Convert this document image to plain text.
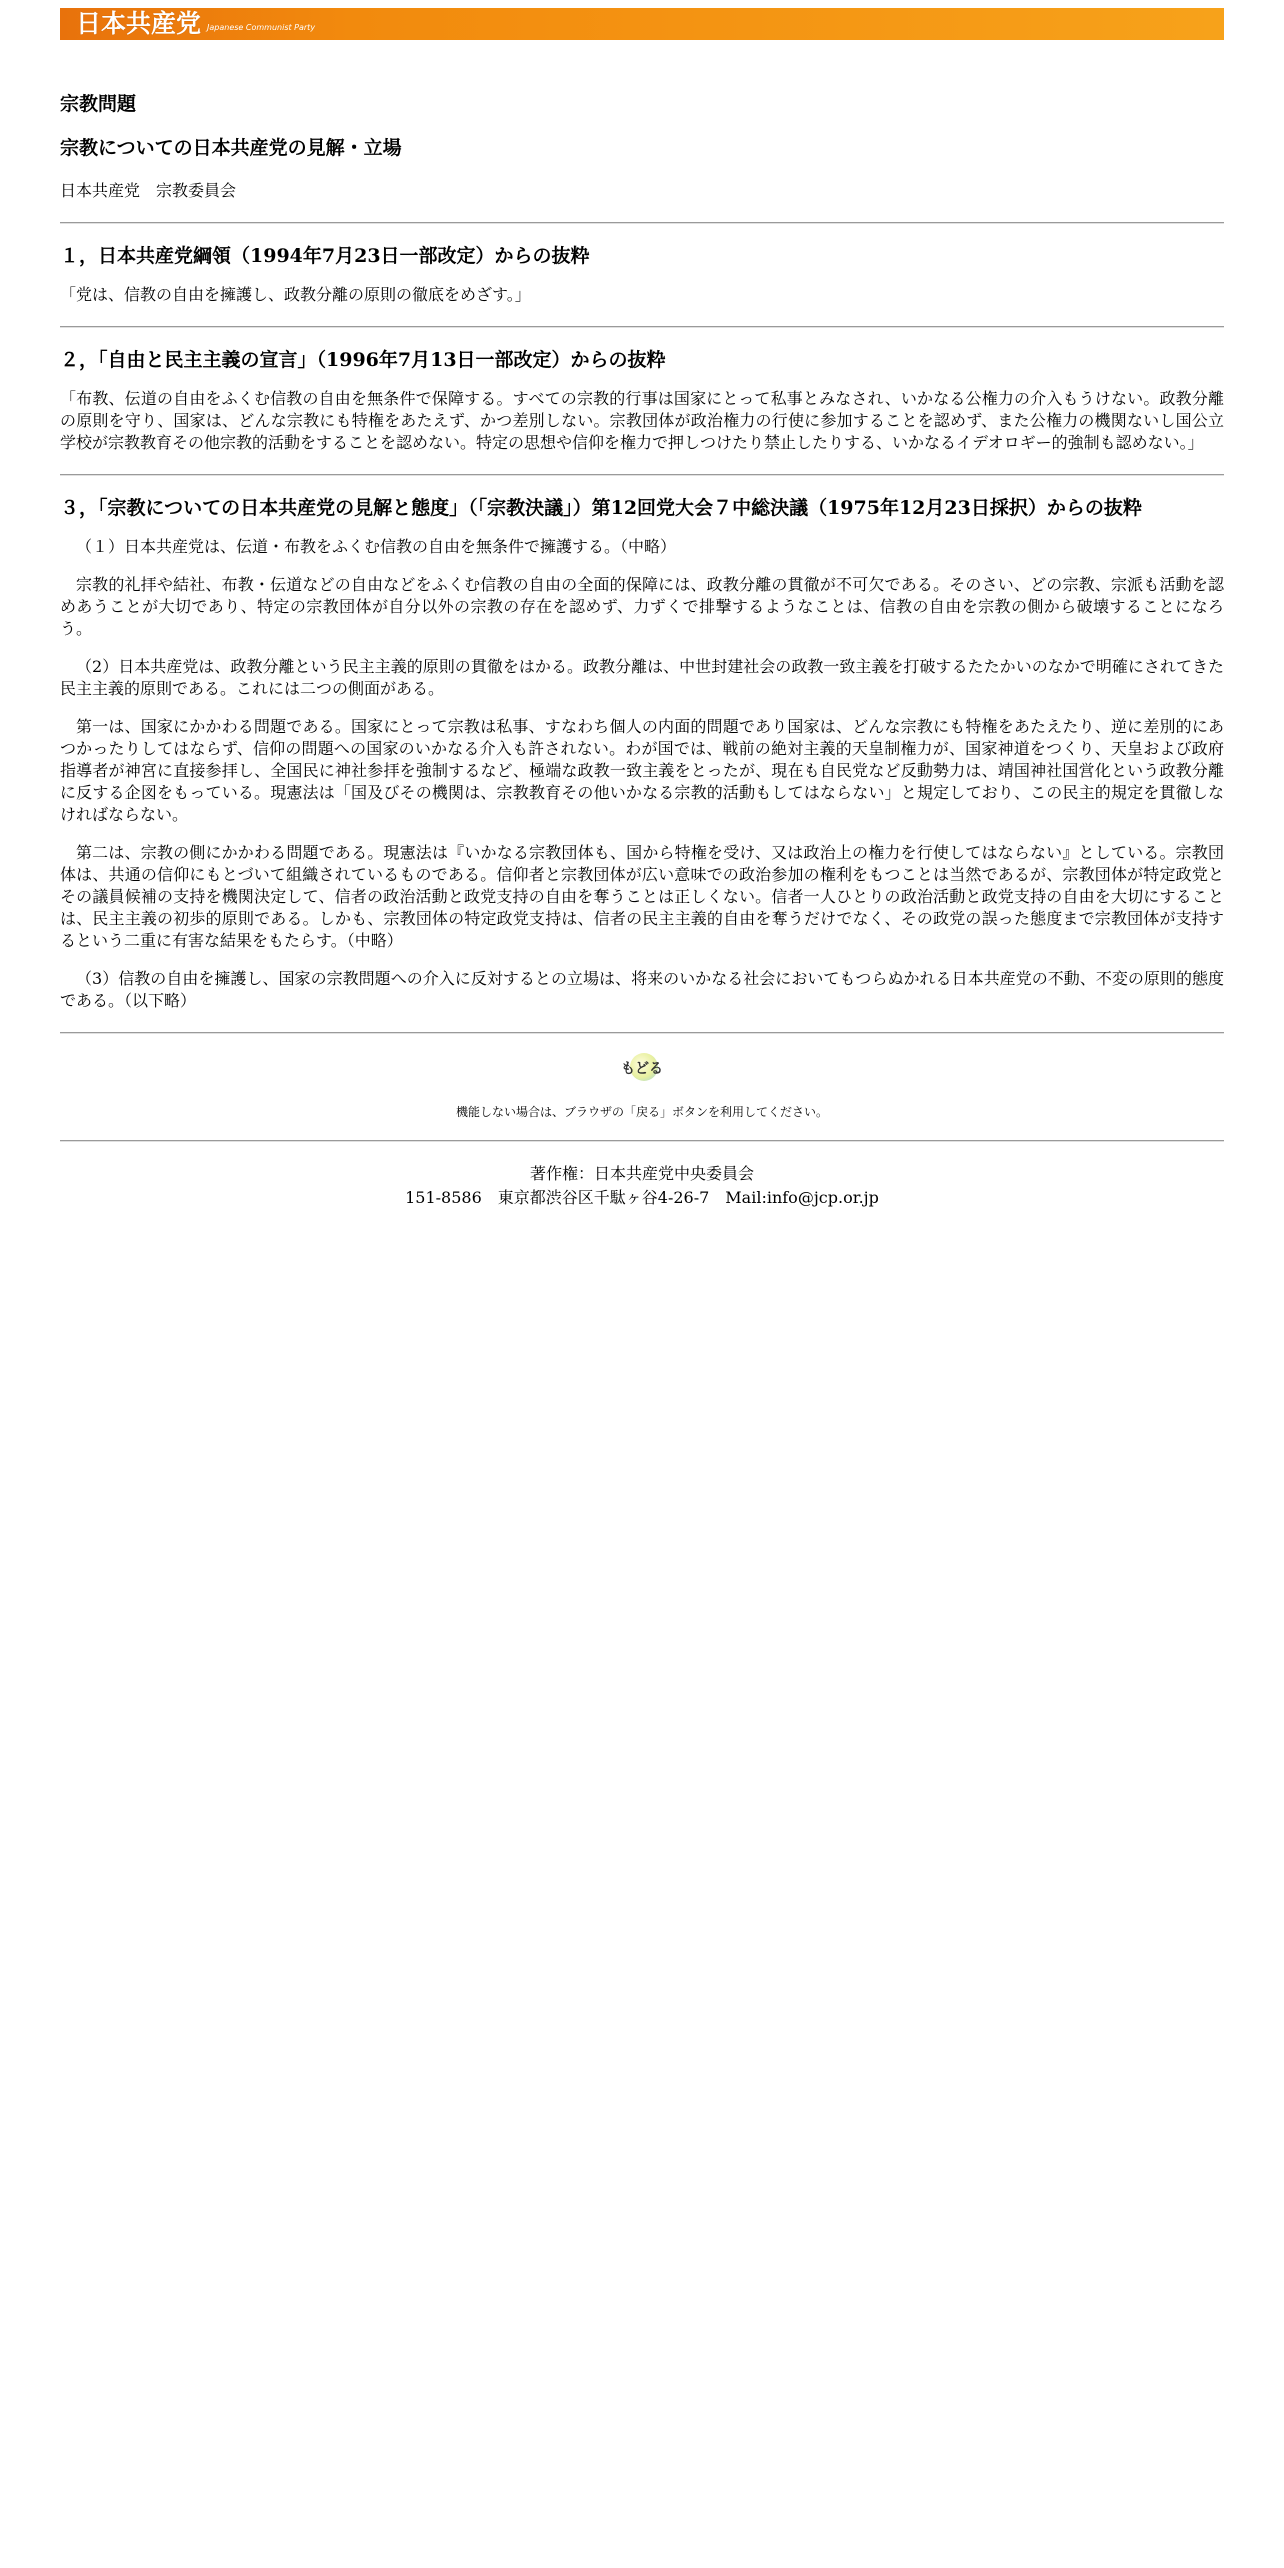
日本共産党 Japanese Communist Party
宗教問題
宗教についての日本共産党の見解・立場

日本共産党　宗教委員会

１，日本共産党綱領（1994年7月23日一部改定）からの抜粋

「党は、信教の自由を擁護し、政教分離の原則の徹底をめざす。」

２，「自由と民主主義の宣言」（1996年7月13日一部改定）からの抜粋

「布教、伝道の自由をふくむ信教の自由を無条件で保障する。すべての宗教的行事は国家にとって私事とみなされ、いかなる公権力の介入もうけない。政教分離の原則を守り、国家は、どんな宗教にも特権をあたえず、かつ差別しない。宗教団体が政治権力の行使に参加することを認めず、また公権力の機関ないし国公立学校が宗教教育その他宗教的活動をすることを認めない。特定の思想や信仰を権力で押しつけたり禁止したりする、いかなるイデオロギー的強制も認めない。」

３，「宗教についての日本共産党の見解と態度」（「宗教決議」）第12回党大会７中総決議（1975年12月23日採択）からの抜粋

（１）日本共産党は、伝道・布教をふくむ信教の自由を無条件で擁護する。（中略）

宗教的礼拝や結社、布教・伝道などの自由などをふくむ信教の自由の全面的保障には、政教分離の貫徹が不可欠である。そのさい、どの宗教、宗派も活動を認めあうことが大切であり、特定の宗教団体が自分以外の宗教の存在を認めず、力ずくで排撃するようなことは、信教の自由を宗教の側から破壊することになろう。

（2）日本共産党は、政教分離という民主主義的原則の貫徹をはかる。政教分離は、中世封建社会の政教一致主義を打破するたたかいのなかで明確にされてきた民主主義的原則である。これには二つの側面がある。

第一は、国家にかかわる問題である。国家にとって宗教は私事、すなわち個人の内面的問題であり国家は、どんな宗教にも特権をあたえたり、逆に差別的にあつかったりしてはならず、信仰の問題への国家のいかなる介入も許されない。わが国では、戦前の絶対主義的天皇制権力が、国家神道をつくり、天皇および政府指導者が神宮に直接参拝し、全国民に神社参拝を強制するなど、極端な政教一致主義をとったが、現在も自民党など反動勢力は、靖国神社国営化という政教分離に反する企図をもっている。現憲法は「国及びその機関は、宗教教育その他いかなる宗教的活動もしてはならない」と規定しており、この民主的規定を貫徹しなければならない。

第二は、宗教の側にかかわる問題である。現憲法は『いかなる宗教団体も、国から特権を受け、又は政治上の権力を行使してはならない』としている。宗教団体は、共通の信仰にもとづいて組織されているものである。信仰者と宗教団体が広い意味での政治参加の権利をもつことは当然であるが、宗教団体が特定政党とその議員候補の支持を機関決定して、信者の政治活動と政党支持の自由を奪うことは正しくない。信者一人ひとりの政治活動と政党支持の自由を大切にすることは、民主主義の初歩的原則である。しかも、宗教団体の特定政党支持は、信者の民主主義的自由を奪うだけでなく、その政党の誤った態度まで宗教団体が支持するという二重に有害な結果をもたらす。（中略）

（3）信教の自由を擁護し、国家の宗教問題への介入に反対するとの立場は、将来のいかなる社会においてもつらぬかれる日本共産党の不動、不変の原則的態度である。（以下略）

もどる

機能しない場合は、ブラウザの「戻る」ボタンを利用してください。

著作権：日本共産党中央委員会
151-8586　東京都渋谷区千駄ヶ谷4-26-7　Mail:info@jcp.or.jp
